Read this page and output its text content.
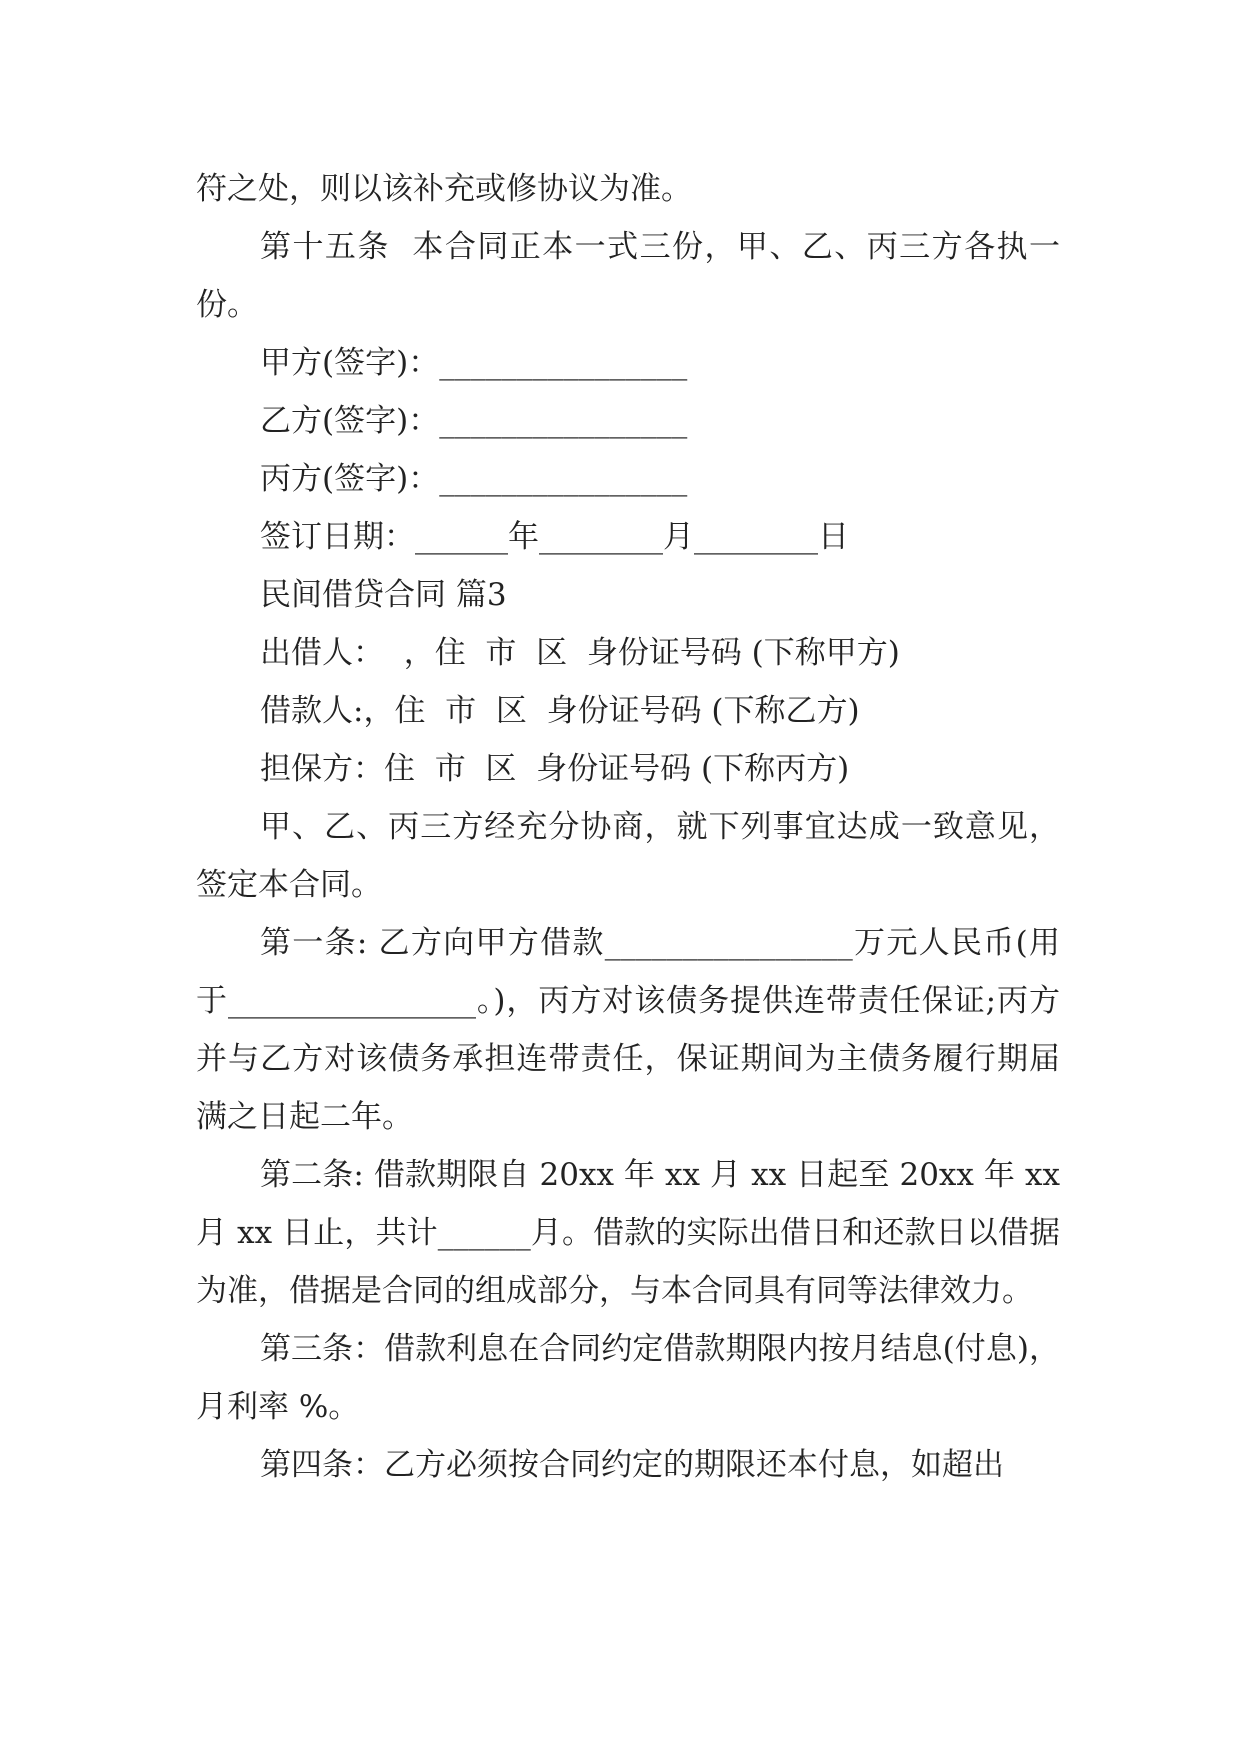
符之处，则以该补充或修协议为准。

第十五条  本合同正本一式三份，甲、乙、丙三方各执一份。

甲方(签字)：________________

乙方(签字)：________________

丙方(签字)：________________

签订日期：______年________月________日

民间借贷合同 篇3

出借人：  ，住  市  区  身份证号码 (下称甲方)

借款人:，住  市  区  身份证号码 (下称乙方)

担保方：住  市  区  身份证号码 (下称丙方)

甲、乙、丙三方经充分协商，就下列事宜达成一致意见，签定本合同。

第一条: 乙方向甲方借款________________万元人民币(用于________________。)，丙方对该债务提供连带责任保证;丙方并与乙方对该债务承担连带责任，保证期间为主债务履行期届满之日起二年。

第二条: 借款期限自 20xx 年 xx 月 xx 日起至 20xx 年 xx 月 xx 日止，共计______月。借款的实际出借日和还款日以借据为准，借据是合同的组成部分，与本合同具有同等法律效力。

第三条：借款利息在合同约定借款期限内按月结息(付息)，月利率 %。

第四条：乙方必须按合同约定的期限还本付息，如超出
